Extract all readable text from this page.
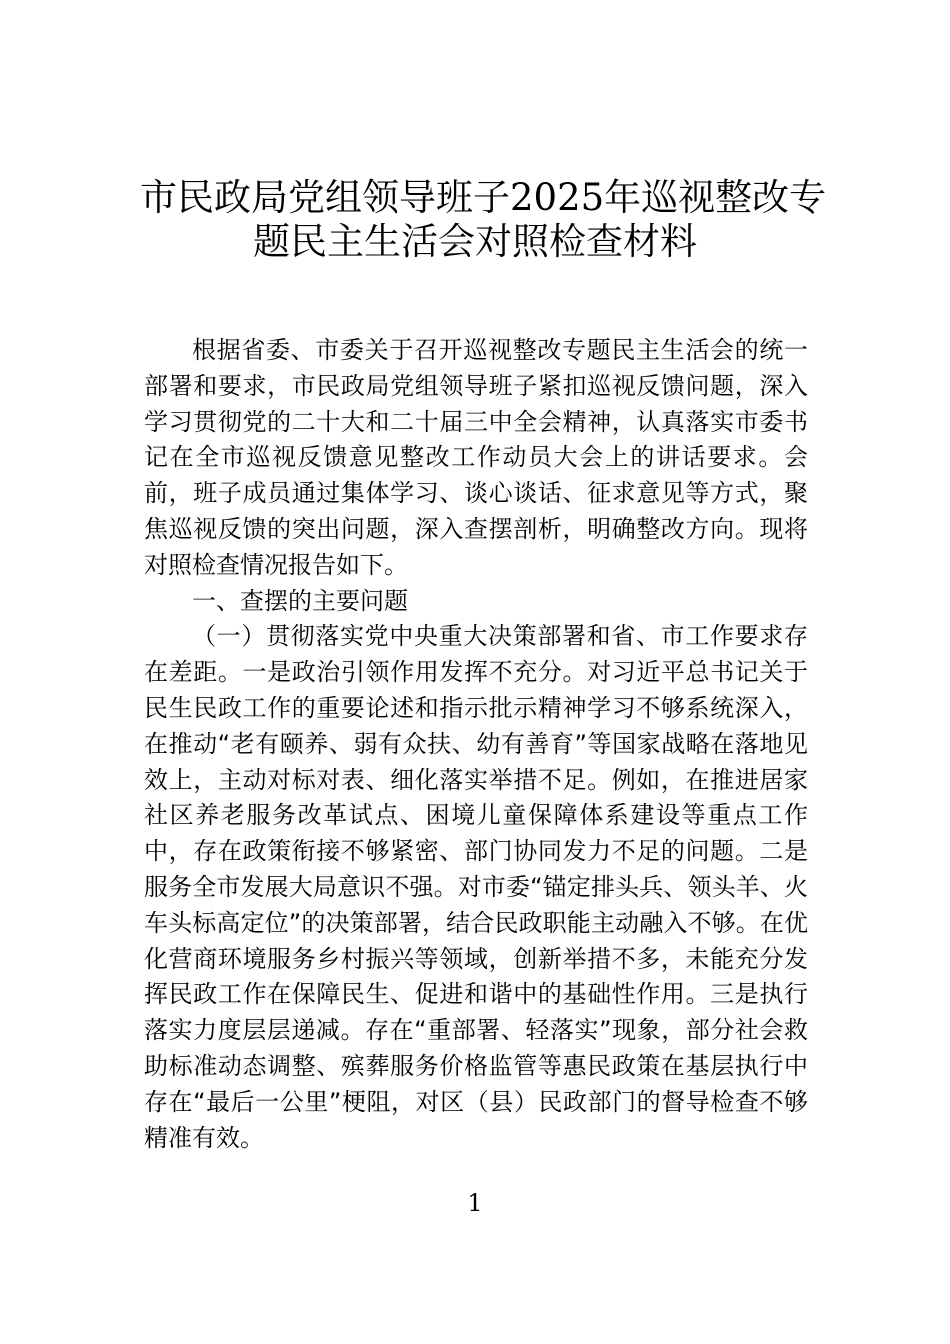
市民政局党组领导班子2025年巡视整改专
题民主生活会对照检查材料

根据省委、市委关于召开巡视整改专题民主生活会的统一部署和要求，市民政局党组领导班子紧扣巡视反馈问题，深入学习贯彻党的二十大和二十届三中全会精神，认真落实市委书记在全市巡视反馈意见整改工作动员大会上的讲话要求。会前，班子成员通过集体学习、谈心谈话、征求意见等方式，聚焦巡视反馈的突出问题，深入查摆剖析，明确整改方向。现将对照检查情况报告如下。

一、查摆的主要问题

（一）贯彻落实党中央重大决策部署和省、市工作要求存在差距。一是政治引领作用发挥不充分。对习近平总书记关于民生民政工作的重要论述和指示批示精神学习不够系统深入，在推动“老有颐养、弱有众扶、幼有善育”等国家战略在落地见效上，主动对标对表、细化落实举措不足。例如，在推进居家社区养老服务改革试点、困境儿童保障体系建设等重点工作中，存在政策衔接不够紧密、部门协同发力不足的问题。二是服务全市发展大局意识不强。对市委“锚定排头兵、领头羊、火车头标高定位”的决策部署，结合民政职能主动融入不够。在优化营商环境服务乡村振兴等领域，创新举措不多，未能充分发挥民政工作在保障民生、促进和谐中的基础性作用。三是执行落实力度层层递减。存在“重部署、轻落实”现象，部分社会救助标准动态调整、殡葬服务价格监管等惠民政策在基层执行中存在“最后一公里”梗阻，对区（县）民政部门的督导检查不够精准有效。

1
